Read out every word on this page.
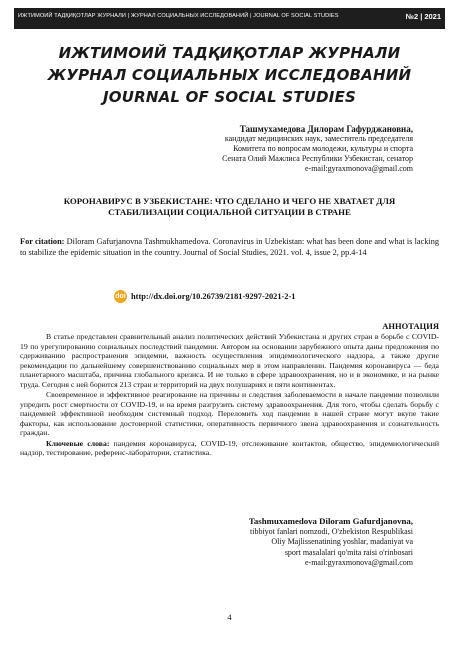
ИЖТИМОИЙ ТАДҚИҚОТЛАР ЖУРНАЛИ | ЖУРНАЛ СОЦИАЛЬНЫХ ИССЛЕДОВАНИЙ | JOURNAL OF SOCIAL STUDIES	№2 | 2021
ИЖТИМОИЙ ТАДҚИҚОТЛАР ЖУРНАЛИ
ЖУРНАЛ СОЦИАЛЬНЫХ ИССЛЕДОВАНИЙ
JOURNAL OF SOCIAL STUDIES
Ташмухамедова Дилорам Гафурджановна,
кандидат медицинских наук, заместитель председателя
Комитета по вопросам молодежи, культуры и спорта
Сената Олий Мажлиса Республики Узбекистан, сенатор
e-mail:gyraxmonova@gmail.com
КОРОНАВИРУС В УЗБЕКИСТАНЕ: ЧТО СДЕЛАНО И ЧЕГО НЕ ХВАТАЕТ ДЛЯ
СТАБИЛИЗАЦИИ СОЦИАЛЬНОЙ СИТУАЦИИ В СТРАНЕ
For citation: Diloram Gafurjanovna Tashmukhamedova. Coronavirus in Uzbekistan: what has been done and what is lacking to stabilize the epidemic situation in the country. Journal of Social Studies, 2021. vol. 4, issue 2, pp.4-14
doi http://dx.doi.org/10.26739/2181-9297-2021-2-1
АННОТАЦИЯ

В статье представлен сравнительный анализ политических действий Узбекистана и других стран в борьбе с COVID-19 по урегулированию социальных последствий пандемии. Автором на основании зарубежного опыта даны предложения по сдерживанию распространения эпидемии, важность осуществления эпидемиологического надзора, а также другие рекомендации по дальнейшему совершенствованию социальных мер в этом направлении. Пандемия коронавируса — беда планетарного масштаба, причина глобального кризиса. И не только в сфере здравоохранения, но и в экономике, и на рынке труда. Сегодня с ней борются 213 стран и территорий на двух полушариях и пяти континентах.

Своевременное и эффективное реагирование на причины и следствия заболеваемости в начале пандемии позволили упредить рост смертности от COVID-19, и на время разгрузить систему здравоохранения. Для того, чтобы сделать борьбу с пандемией эффективной необходим системный подход. Переломить ход пандемии в нашей стране могут вкупе такие факторы, как использование достоверной статистики, оперативность первичного звена здравоохранения и сознательность граждан.

Ключевые слова: пандемия коронавируса, COVID-19, отслеживание контактов, общество, эпидемиологический надзор, тестирование, референс-лаборатории, статистика.

Tashmuxamedova Diloram Gafurdjanovna,
tibbiyot fanlari nomzodi, O'zbekiston Respublikasi
Oliy Majlissenatining yoshlar, madaniyat va
sport masalalari qo'mita raisi o'rinbosari
e-mail:gyraxmonova@gmail.com
4
